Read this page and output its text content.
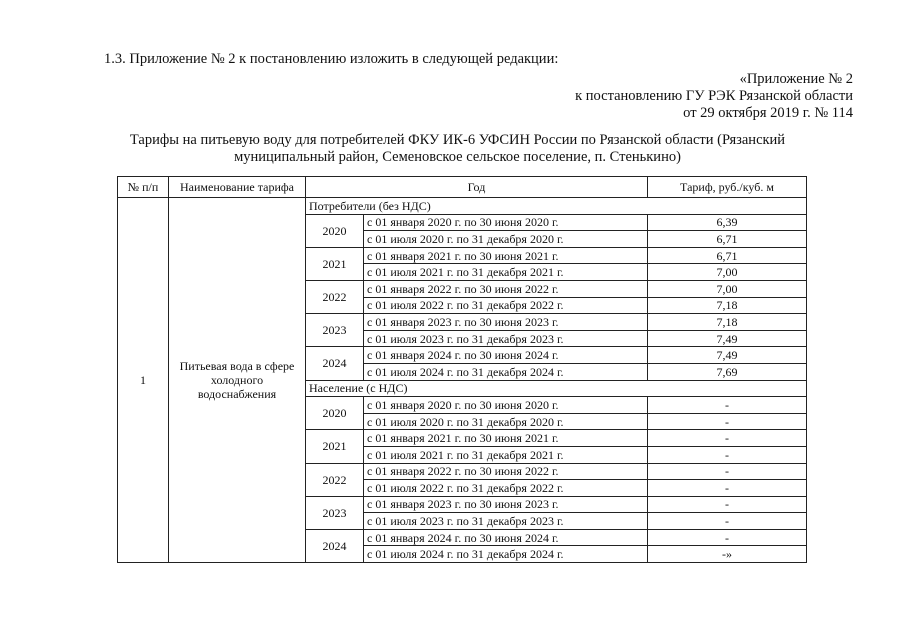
1.3. Приложение № 2 к постановлению изложить в следующей редакции:
«Приложение № 2
к постановлению ГУ РЭК Рязанской области
от 29 октября 2019 г. № 114
Тарифы на питьевую воду для потребителей ФКУ ИК-6 УФСИН России по Рязанской области (Рязанский
муниципальный район, Семеновское сельское поселение, п. Стенькино)
№ п/п	Наименование тарифа	Год		Тариф, руб./куб. м
1	Питьевая вода в сфере холодного водоснабжения	Потребители (без НДС)		
		2020	с 01 января 2020 г. по 30 июня 2020 г.	6,39
			с 01 июля 2020 г. по 31 декабря 2020 г.	6,71
		2021	с 01 января 2021 г. по 30 июня 2021 г.	6,71
			с 01 июля 2021 г. по 31 декабря 2021 г.	7,00
		2022	с 01 января 2022 г. по 30 июня 2022 г.	7,00
			с 01 июля 2022 г. по 31 декабря 2022 г.	7,18
		2023	с 01 января 2023 г. по 30 июня 2023 г.	7,18
			с 01 июля 2023 г. по 31 декабря 2023 г.	7,49
		2024	с 01 января 2024 г. по 30 июня 2024 г.	7,49
			с 01 июля 2024 г. по 31 декабря 2024 г.	7,69
		Население (с НДС)		
		2020	с 01 января 2020 г. по 30 июня 2020 г.	-
			с 01 июля 2020 г. по 31 декабря 2020 г.	-
		2021	с 01 января 2021 г. по 30 июня 2021 г.	-
			с 01 июля 2021 г. по 31 декабря 2021 г.	-
		2022	с 01 января 2022 г. по 30 июня 2022 г.	-
			с 01 июля 2022 г. по 31 декабря 2022 г.	-
		2023	с 01 января 2023 г. по 30 июня 2023 г.	-
			с 01 июля 2023 г. по 31 декабря 2023 г.	-
		2024	с 01 января 2024 г. по 30 июня 2024 г.	-
			с 01 июля 2024 г. по 31 декабря 2024 г.	-»
